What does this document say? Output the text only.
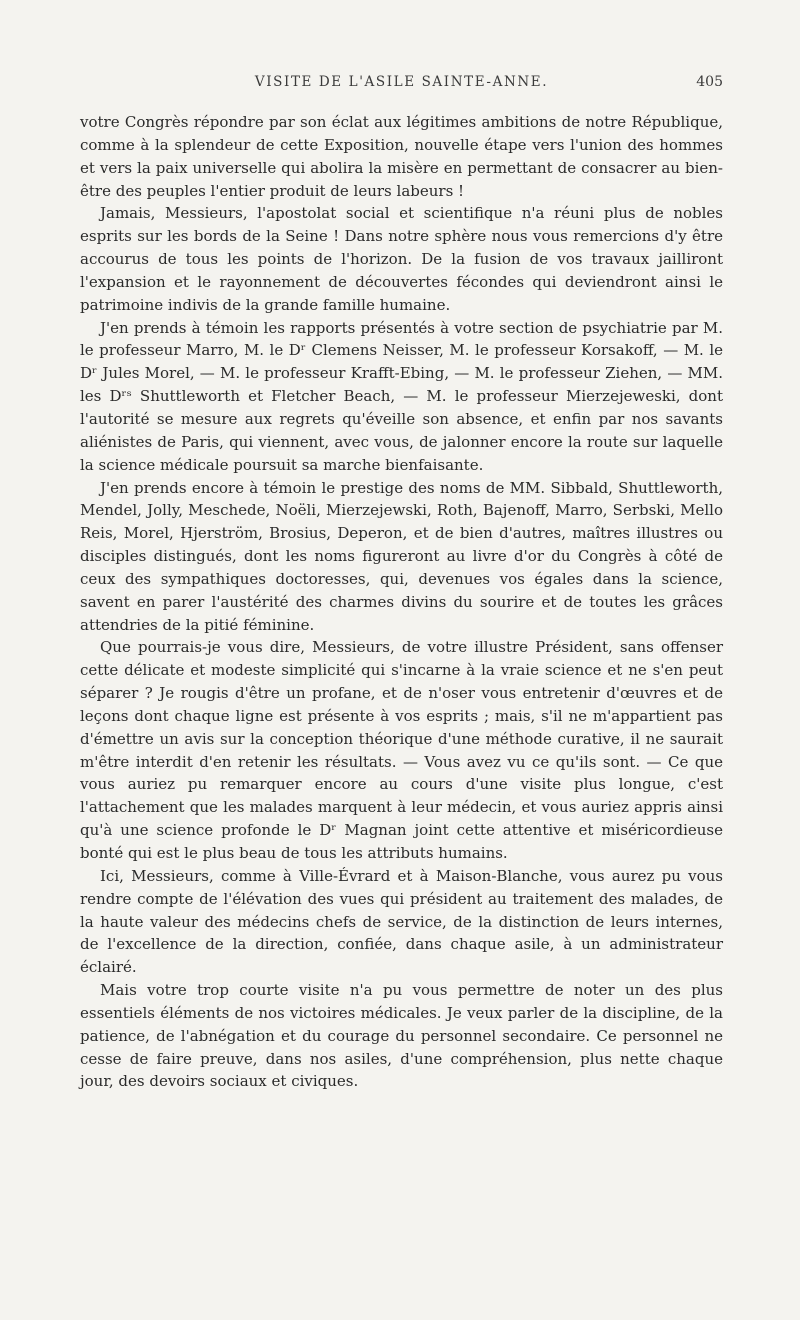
VISITE DE L'ASILE SAINTE-ANNE.	405

votre Congrès répondre par son éclat aux légitimes ambitions de notre République, comme à la splendeur de cette Exposition, nouvelle étape vers l'union des hommes et vers la paix universelle qui abolira la misère en permettant de consacrer au bien-être des peuples l'entier produit de leurs labeurs !

Jamais, Messieurs, l'apostolat social et scientifique n'a réuni plus de nobles esprits sur les bords de la Seine ! Dans notre sphère nous vous remercions d'y être accourus de tous les points de l'horizon. De la fusion de vos travaux jailliront l'expansion et le rayonnement de découvertes fécondes qui deviendront ainsi le patrimoine indivis de la grande famille humaine.

J'en prends à témoin les rapports présentés à votre section de psychiatrie par M. le professeur Marro, M. le Dʳ Clemens Neisser, M. le professeur Korsakoff, — M. le Dʳ Jules Morel, — M. le professeur Krafft-Ebing, — M. le professeur Ziehen, — MM. les Dʳˢ Shuttleworth et Fletcher Beach, — M. le professeur Mierzejeweski, dont l'autorité se mesure aux regrets qu'éveille son absence, et enfin par nos savants aliénistes de Paris, qui viennent, avec vous, de jalonner encore la route sur laquelle la science médicale poursuit sa marche bienfaisante.

J'en prends encore à témoin le prestige des noms de MM. Sibbald, Shuttleworth, Mendel, Jolly, Meschede, Noëli, Mierzejewski, Roth, Bajenoff, Marro, Serbski, Mello Reis, Morel, Hjerström, Brosius, Deperon, et de bien d'autres, maîtres illustres ou disciples distingués, dont les noms figureront au livre d'or du Congrès à côté de ceux des sympathiques doctoresses, qui, devenues vos égales dans la science, savent en parer l'austérité des charmes divins du sourire et de toutes les grâces attendries de la pitié féminine.

Que pourrais-je vous dire, Messieurs, de votre illustre Président, sans offenser cette délicate et modeste simplicité qui s'incarne à la vraie science et ne s'en peut séparer ? Je rougis d'être un profane, et de n'oser vous entretenir d'œuvres et de leçons dont chaque ligne est présente à vos esprits ; mais, s'il ne m'appartient pas d'émettre un avis sur la conception théorique d'une méthode curative, il ne saurait m'être interdit d'en retenir les résultats. — Vous avez vu ce qu'ils sont. — Ce que vous auriez pu remarquer encore au cours d'une visite plus longue, c'est l'attachement que les malades marquent à leur médecin, et vous auriez appris ainsi qu'à une science profonde le Dʳ Magnan joint cette attentive et miséricordieuse bonté qui est le plus beau de tous les attributs humains.

Ici, Messieurs, comme à Ville-Évrard et à Maison-Blanche, vous aurez pu vous rendre compte de l'élévation des vues qui président au traitement des malades, de la haute valeur des médecins chefs de service, de la distinction de leurs internes, de l'excellence de la direction, confiée, dans chaque asile, à un administrateur éclairé.

Mais votre trop courte visite n'a pu vous permettre de noter un des plus essentiels éléments de nos victoires médicales. Je veux parler de la discipline, de la patience, de l'abnégation et du courage du personnel secondaire. Ce personnel ne cesse de faire preuve, dans nos asiles, d'une compréhension, plus nette chaque jour, des devoirs sociaux et civiques.
